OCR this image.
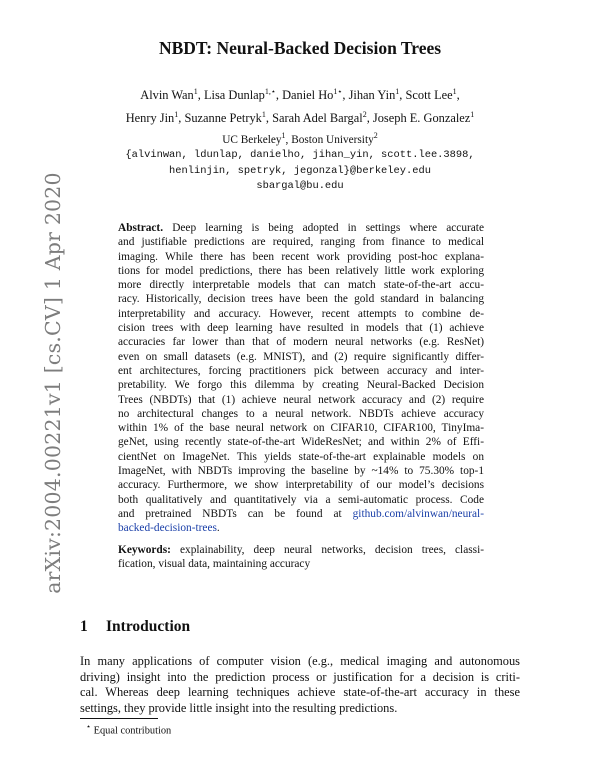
arXiv:2004.00221v1 [cs.CV] 1 Apr 2020
NBDT: Neural-Backed Decision Trees
Alvin Wan$^1$, Lisa Dunlap$^{1,⋆}$, Daniel $Ho^{1⋆}$, Jihan Yin$^1$, Scott Lee$^1$,
Henry Jin$^1$, Suzanne Petryk$^1$, Sarah Adel Bargal$^2$, Joseph E. Gonzalez$^1$
UC Berkeley$^1$, Boston University$^2$
{alvinwan, ldunlap, danielho, jihan_yin, scott.lee.3898,
henlinjin, spetryk, jegonzal}@berkeley.edu
sbargal@bu.edu
Abstract. Deep learning is being adopted in settings where accurate
and justifiable predictions are required, ranging from finance to medical
imaging. While there has been recent work providing post-hoc explana-
tions for model predictions, there has been relatively little work exploring
more directly interpretable models that can match state-of-the-art accu-
racy. Historically, decision trees have been the gold standard in balancing
interpretability and accuracy. However, recent attempts to combine de-
cision trees with deep learning have resulted in models that (1) achieve
accuracies far lower than that of modern neural networks (e.g. ResNet)
even on small datasets (e.g. MNIST), and (2) require significantly differ-
ent architectures, forcing practitioners pick between accuracy and inter-
pretability. We forgo this dilemma by creating Neural-Backed Decision
Trees (NBDTs) that (1) achieve neural network accuracy and (2) require
no architectural changes to a neural network. NBDTs achieve accuracy
within 1% of the base neural network on CIFAR10, CIFAR100, TinyIma-
geNet, using recently state-of-the-art WideResNet; and within 2% of Effi-
cientNet on ImageNet. This yields state-of-the-art explainable models on
ImageNet, with NBDTs improving the baseline by ~14% to 75.30% top-1
accuracy. Furthermore, we show interpretability of our model’s decisions
both qualitatively and quantitatively via a semi-automatic process. Code
and pretrained NBDTs can be found at github.com/alvinwan/neural-
backed-decision-trees.
Keywords: explainability, deep neural networks, decision trees, classi-
fication, visual data, maintaining accuracy
1 Introduction
In many applications of computer vision (e.g., medical imaging and autonomous
driving) insight into the prediction process or justification for a decision is criti-
cal. Whereas deep learning techniques achieve state-of-the-art accuracy in these
settings, they provide little insight into the resulting predictions.
⋆ Equal contribution
